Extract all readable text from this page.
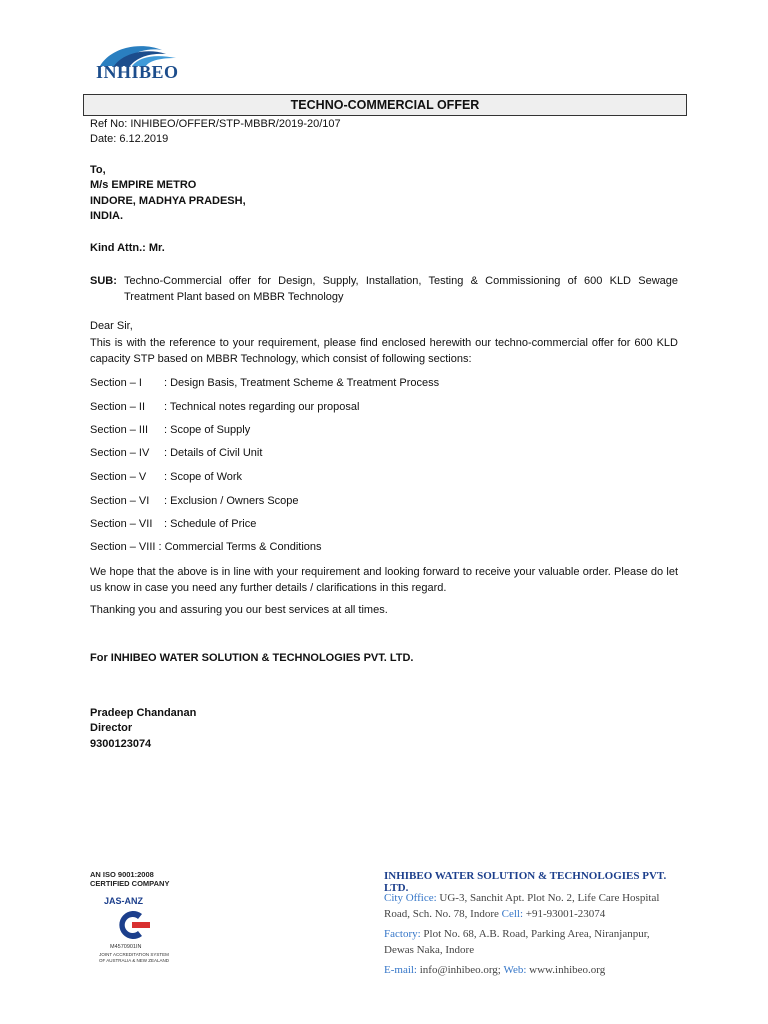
INHIBEO
TECHNO-COMMERCIAL OFFER
Ref No: INHIBEO/OFFER/STP-MBBR/2019-20/107
Date: 6.12.2019
To,
M/s EMPIRE METRO
INDORE, MADHYA PRADESH,
INDIA.
Kind Attn.: Mr.
SUB: Techno-Commercial offer for Design, Supply, Installation, Testing & Commissioning of 600 KLD Sewage Treatment Plant based on MBBR Technology
Dear Sir,
This is with the reference to your requirement, please find enclosed herewith our techno-commercial offer for 600 KLD capacity STP based on MBBR Technology, which consist of following sections:
Section – I : Design Basis, Treatment Scheme & Treatment Process
Section – II : Technical notes regarding our proposal
Section – III : Scope of Supply
Section – IV : Details of Civil Unit
Section – V : Scope of Work
Section – VI : Exclusion / Owners Scope
Section – VII : Schedule of Price
Section – VIII : Commercial Terms & Conditions
We hope that the above is in line with your requirement and looking forward to receive your valuable order. Please do let us know in case you need any further details / clarifications in this regard.
Thanking you and assuring you our best services at all times.
For INHIBEO WATER SOLUTION & TECHNOLOGIES PVT. LTD.
Pradeep Chandanan
Director
9300123074
AN ISO 9001:2008
CERTIFIED COMPANY
JAS-ANZ
M4570901IN
JOINT ACCREDITATION SYSTEM OF AUSTRALIA & NEW ZEALAND
INHIBEO WATER SOLUTION & TECHNOLOGIES PVT. LTD.
City Office: UG-3, Sanchit Apt. Plot No. 2, Life Care Hospital
Road, Sch. No. 78, Indore Cell: +91-93001-23074
Factory: Plot No. 68, A.B. Road, Parking Area, Niranjanpur,
Dewas Naka, Indore
E-mail: info@inhibeo.org; Web: www.inhibeo.org
